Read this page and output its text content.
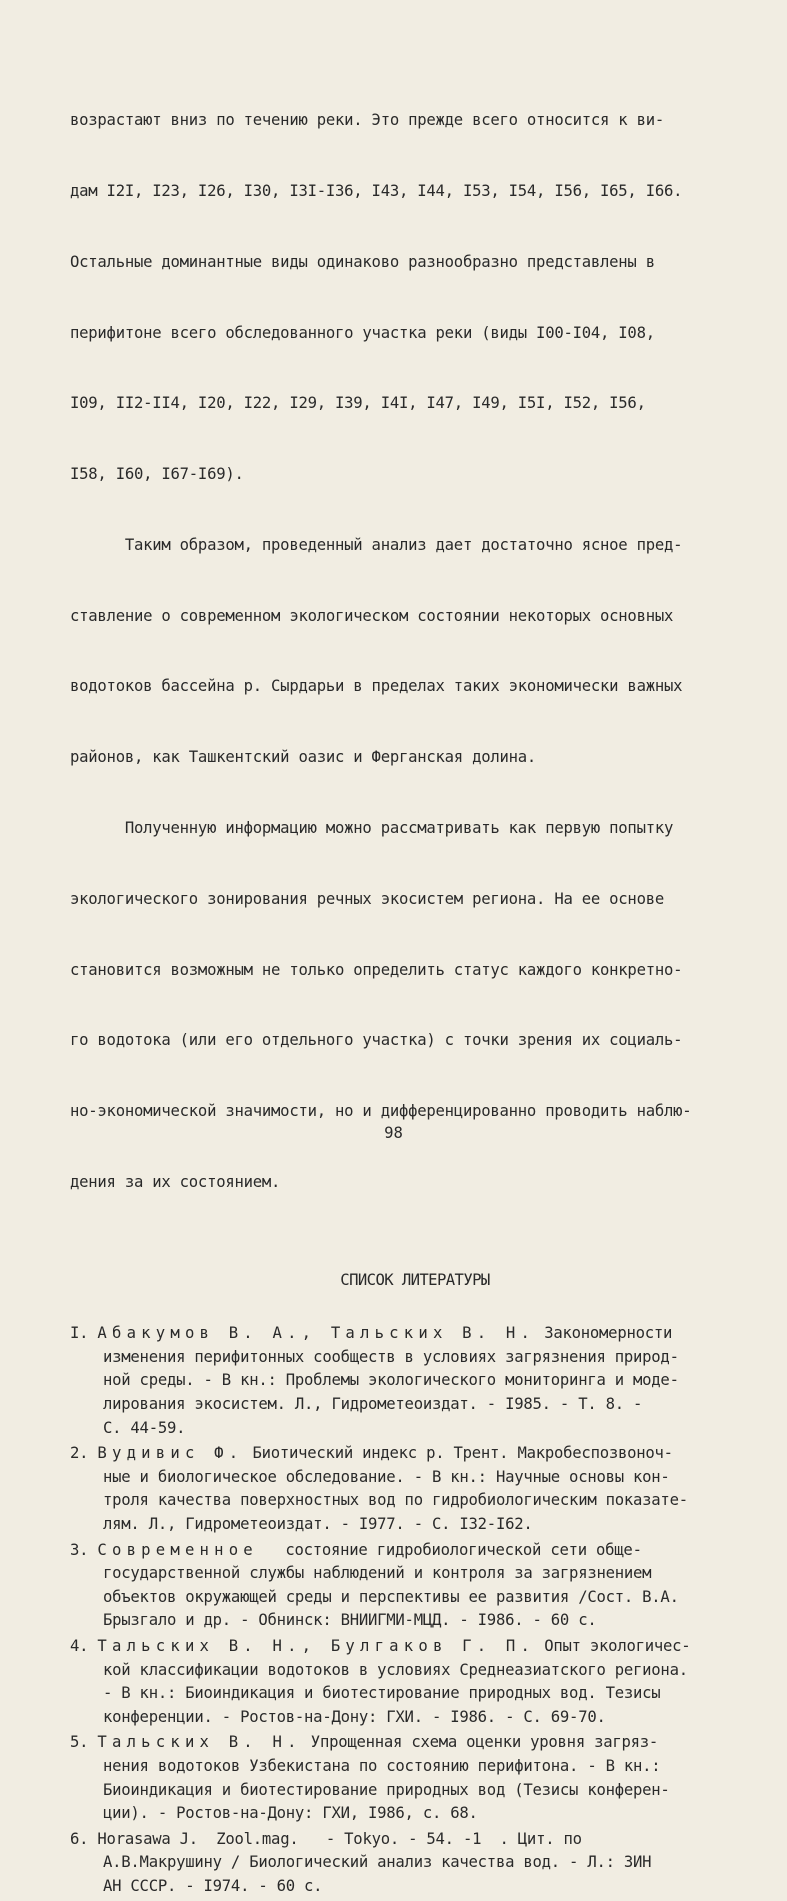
возрастают вниз по течению реки. Это прежде всего относится к ви-

дам I2I, I23, I26, I30, I3I-I36, I43, I44, I53, I54, I56, I65, I66.

Остальные доминантные виды одинаково разнообразно представлены в

перифитоне всего обследованного участка реки (виды I00-I04, I08,

I09, II2-II4, I20, I22, I29, I39, I4I, I47, I49, I5I, I52, I56,

I58, I60, I67-I69).

Таким образом, проведенный анализ дает достаточно ясное пред-

ставление о современном экологическом состоянии некоторых основных

водотоков бассейна р. Сырдарьи в пределах таких экономически важных

районов, как Ташкентский оазис и Ферганская долина.

Полученную информацию можно рассматривать как первую попытку

экологического зонирования речных экосистем региона. На ее основе

становится возможным не только определить статус каждого конкретно-

го водотока (или его отдельного участка) с точки зрения их социаль-

но-экономической значимости, но и дифференцированно проводить наблю-

дения за их состоянием.

СПИСОК ЛИТЕРАТУРЫ
I. Абакумов В. А., Тальских В. Н. Закономерности
изменения перифитонных сообществ в условиях загрязнения природ-
ной среды. - В кн.: Проблемы экологического мониторинга и моде-
лирования экосистем. Л., Гидрометеоиздат. - I985. - Т. 8. -
С. 44-59.
2. Вудивис Ф. Биотический индекс р. Трент. Макробеспозвоноч-
ные и биологическое обследование. - В кн.: Научные основы кон-
троля качества поверхностных вод по гидробиологическим показате-
лям. Л., Гидрометеоиздат. - I977. - С. I32-I62.
3. Современное   состояние гидробиологической сети обще-
государственной службы наблюдений и контроля за загрязнением
объектов окружающей среды и перспективы ее развития /Сост. В.А.
Брызгало и др. - Обнинск: ВНИИГМИ-МЦД. - I986. - 60 с.
4. Тальских В. Н., Булгаков Г. П. Опыт экологичес-
кой классификации водотоков в условиях Среднеазиатского региона.
- В кн.: Биоиндикация и биотестирование природных вод. Тезисы
конференции. - Ростов-на-Дону: ГХИ. - I986. - С. 69-70.
5. Тальских В. Н. Упрощенная схема оценки уровня загряз-
нения водотоков Узбекистана по состоянию перифитона. - В кн.:
Биоиндикация и биотестирование природных вод (Тезисы конферен-
ции). - Ростов-на-Дону: ГХИ, I986, с. 68.
6. Horasawa J.  Zool.mag.   - Tokyo. - 54. -1  . Цит. по
А.В.Макрушину / Биологический анализ качества вод. - Л.: ЗИН
АН СССР. - I974. - 60 с.
98
